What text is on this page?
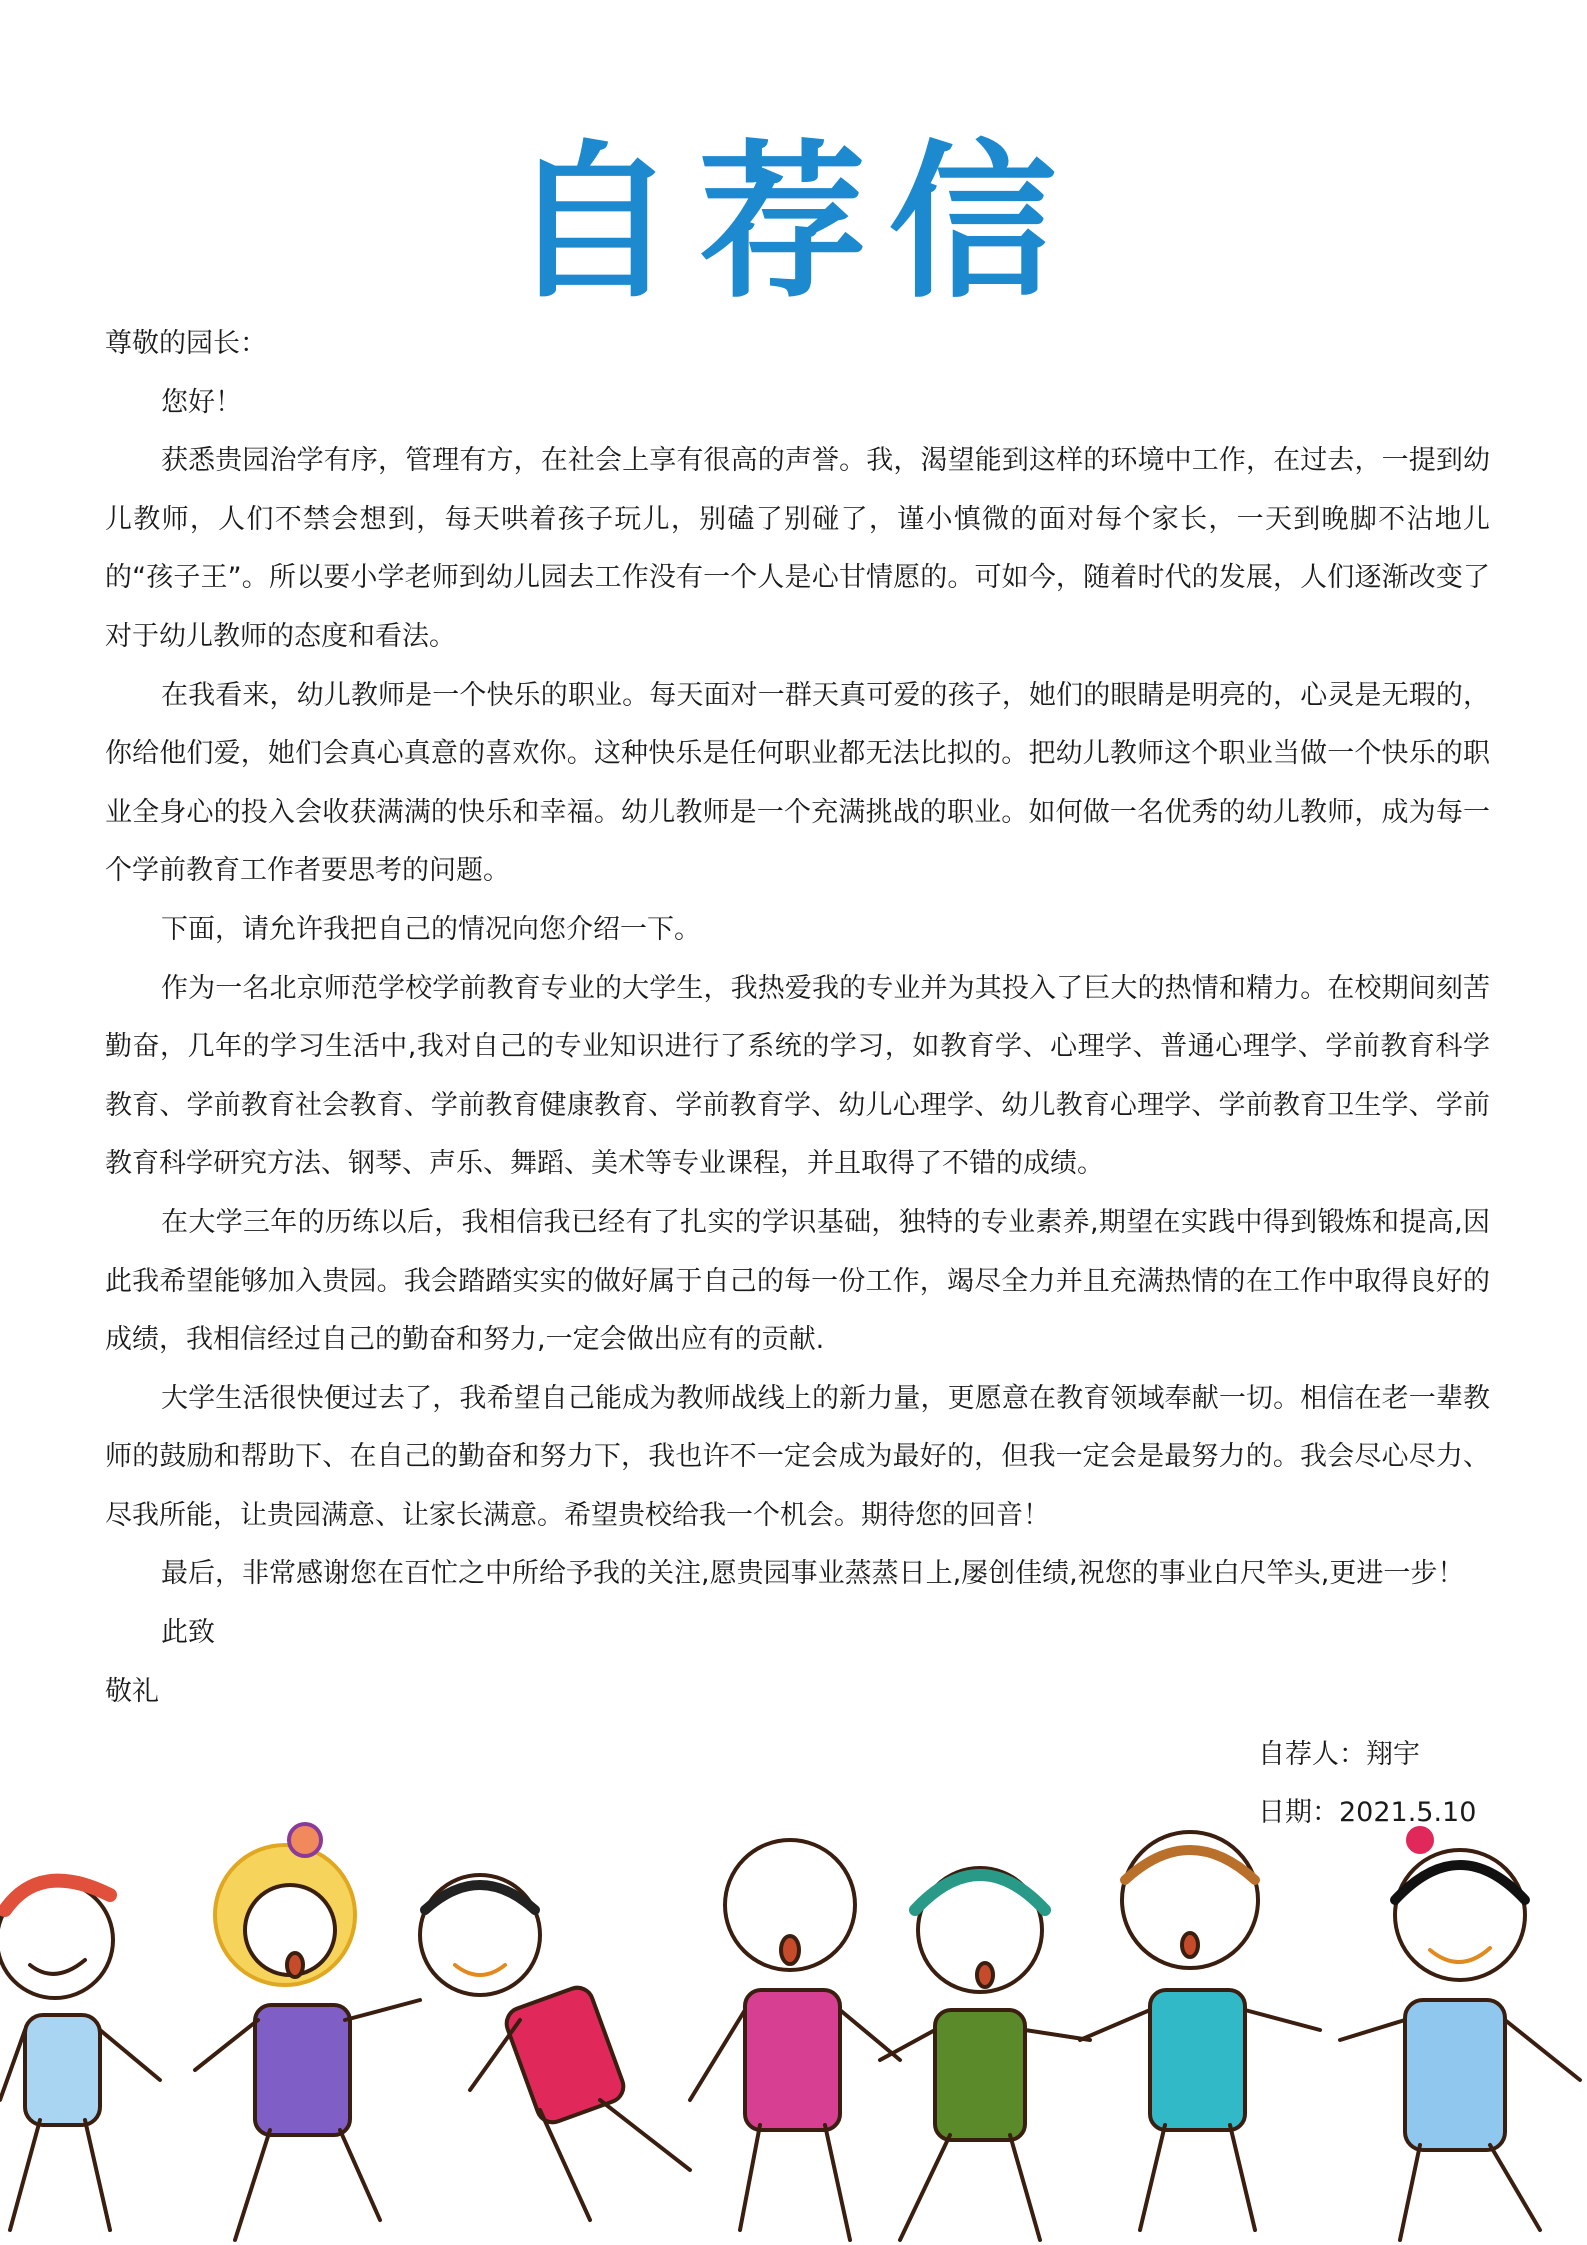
自荐信

尊敬的园长：

您好！

获悉贵园治学有序，管理有方，在社会上享有很高的声誉。我，渴望能到这样的环境中工作，在过去，一提到幼儿教师，人们不禁会想到，每天哄着孩子玩儿，别磕了别碰了，谨小慎微的面对每个家长，一天到晚脚不沾地儿的“孩子王”。所以要小学老师到幼儿园去工作没有一个人是心甘情愿的。可如今，随着时代的发展，人们逐渐改变了对于幼儿教师的态度和看法。

在我看来，幼儿教师是一个快乐的职业。每天面对一群天真可爱的孩子，她们的眼睛是明亮的，心灵是无瑕的，你给他们爱，她们会真心真意的喜欢你。这种快乐是任何职业都无法比拟的。把幼儿教师这个职业当做一个快乐的职业全身心的投入会收获满满的快乐和幸福。幼儿教师是一个充满挑战的职业。如何做一名优秀的幼儿教师，成为每一个学前教育工作者要思考的问题。

下面，请允许我把自己的情况向您介绍一下。

作为一名北京师范学校学前教育专业的大学生，我热爱我的专业并为其投入了巨大的热情和精力。在校期间刻苦勤奋，几年的学习生活中,我对自己的专业知识进行了系统的学习，如教育学、心理学、普通心理学、学前教育科学教育、学前教育社会教育、学前教育健康教育、学前教育学、幼儿心理学、幼儿教育心理学、学前教育卫生学、学前教育科学研究方法、钢琴、声乐、舞蹈、美术等专业课程，并且取得了不错的成绩。

在大学三年的历练以后，我相信我已经有了扎实的学识基础，独特的专业素养,期望在实践中得到锻炼和提高,因此我希望能够加入贵园。我会踏踏实实的做好属于自己的每一份工作，竭尽全力并且充满热情的在工作中取得良好的成绩，我相信经过自己的勤奋和努力,一定会做出应有的贡献.

大学生活很快便过去了，我希望自己能成为教师战线上的新力量，更愿意在教育领域奉献一切。相信在老一辈教师的鼓励和帮助下、在自己的勤奋和努力下，我也许不一定会成为最好的，但我一定会是最努力的。我会尽心尽力、尽我所能，让贵园满意、让家长满意。希望贵校给我一个机会。期待您的回音！

最后，非常感谢您在百忙之中所给予我的关注,愿贵园事业蒸蒸日上,屡创佳绩,祝您的事业白尺竿头,更进一步！

此致

敬礼

自荐人：翔宇
日期：2021.5.10
